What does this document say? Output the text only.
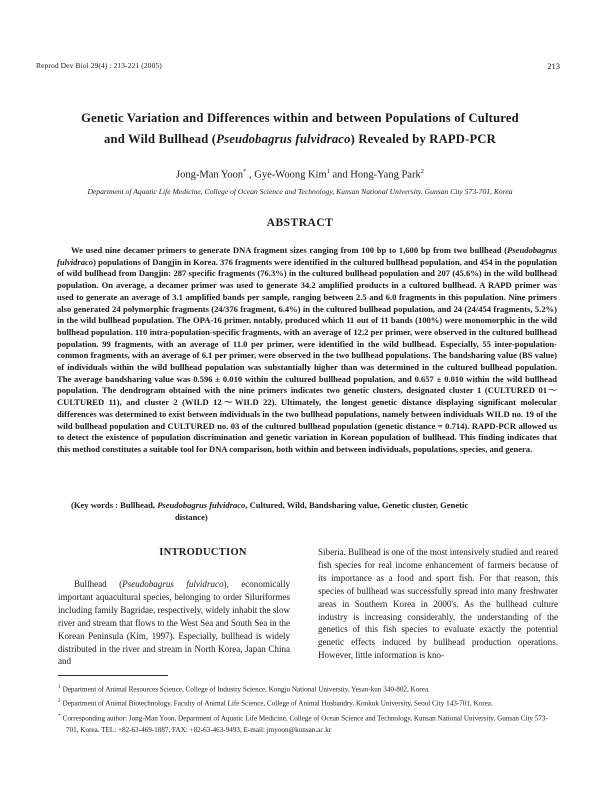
Reprod Dev Biol 29(4) : 213-221 (2005)	213
Genetic Variation and Differences within and between Populations of Cultured
and Wild Bullhead (Pseudobagrus fulvidraco) Revealed by RAPD-PCR
Jong-Man Yoon* , Gye-Woong Kim$^1$ and Hong-Yang Park$^2$
Department of Aquatic Life Medicine, College of Ocean Science and Technology, Kunsan National University, Gunsan City 573-701, Korea
ABSTRACT
We used nine decamer primers to generate DNA fragment sizes ranging from 100 bp to 1,600 bp from two bullhead (Pseudobagrus fulvidraco) populations of Dangjin in Korea. 376 fragments were identified in the cultured bullhead population, and 454 in the population of wild bullhead from Dangjin: 287 specific fragments (76.3%) in the cultured bullhead population and 207 (45.6%) in the wild bullhead population. On average, a decamer primer was used to generate 34.2 amplified products in a cultured bullhead. A RAPD primer was used to generate an average of 3.1 amplified bands per sample, ranging between 2.5 and 6.0 fragments in this population. Nine primers also generated 24 polymorphic fragments (24/376 fragment, 6.4%) in the cultured bullhead population, and 24 (24/454 fragments, 5.2%) in the wild bullhead population. The OPA-16 primer, notably, produced which 11 out of 11 bands (100%) were monomorphic in the wild bullhead population. 110 intra-population-specific fragments, with an average of 12.2 per primer, were observed in the cultured bullhead population. 99 fragments, with an average of 11.0 per primer, were identified in the wild bullhead. Especially, 55 inter-population-common fragments, with an average of 6.1 per primer, were observed in the two bullhead populations. The bandsharing value (BS value) of individuals within the wild bullhead population was substantially higher than was determined in the cultured bullhead population. The average bandsharing value was 0.596 ± 0.010 within the cultured bullhead population, and 0.657 ± 0.010 within the wild bullhead population. The dendrogram obtained with the nine primers indicates two genetic clusters, designated cluster 1 (CULTURED 01～CULTURED 11), and cluster 2 (WILD 12～WILD 22). Ultimately, the longest genetic distance displaying significant molecular differences was determined to exist between individuals in the two bullhead populations, namely between individuals WILD no. 19 of the wild bullhead population and CULTURED no. 03 of the cultured bullhead population (genetic distance = 0.714). RAPD-PCR allowed us to detect the existence of population discrimination and genetic variation in Korean population of bullhead. This finding indicates that this method constitutes a suitable tool for DNA comparison, both within and between individuals, populations, species, and genera.
(Key words : Bullhead, Pseudobagrus fulvidraco, Cultured, Wild, Bandsharing value, Genetic cluster, Genetic
distance)
INTRODUCTION
Bullhead (Pseudobagrus fulvidraco), economically important aquacultural species, belonging to order Siluriformes including family Bagridae, respectively, widely inhabit the slow river and stream that flows to the West Sea and South Sea in the Korean Peninsula (Kim, 1997). Especially, bullhead is widely distributed in the river and stream in North Korea, Japan China and
Siberia. Bullhead is one of the most intensively studied and reared fish species for real income enhancement of farmers because of its importance as a food and sport fish. For that reason, this species of bullhead was successfully spread into many freshwater areas in Southern Korea in 2000's. As the bullhead culture industry is increasing considerably, the understanding of the genetics of this fish species to evaluate exactly the potential genetic effects induced by bullhead production operations. However, little information is kno-
$^1$ Department of Animal Resources Science, College of Industry Science, Kongju National University, Yesan-kun 340-802, Korea.
$^2$ Department of Animal Biotechnology, Faculty of Animal Life Science, College of Animal Husbandry, Konkuk University, Seoul City 143-701, Korea.
* Corresponding author: Jong-Man Yoon, Department of Aquatic Life Medicine, College of Ocean Science and Technology, Kunsan National University, Gunsan City 573-701, Korea. TEL: +82-63-469-1887, FAX: +82-63-463-9493, E-mail: jmyoon@kunsan.ac.kr
